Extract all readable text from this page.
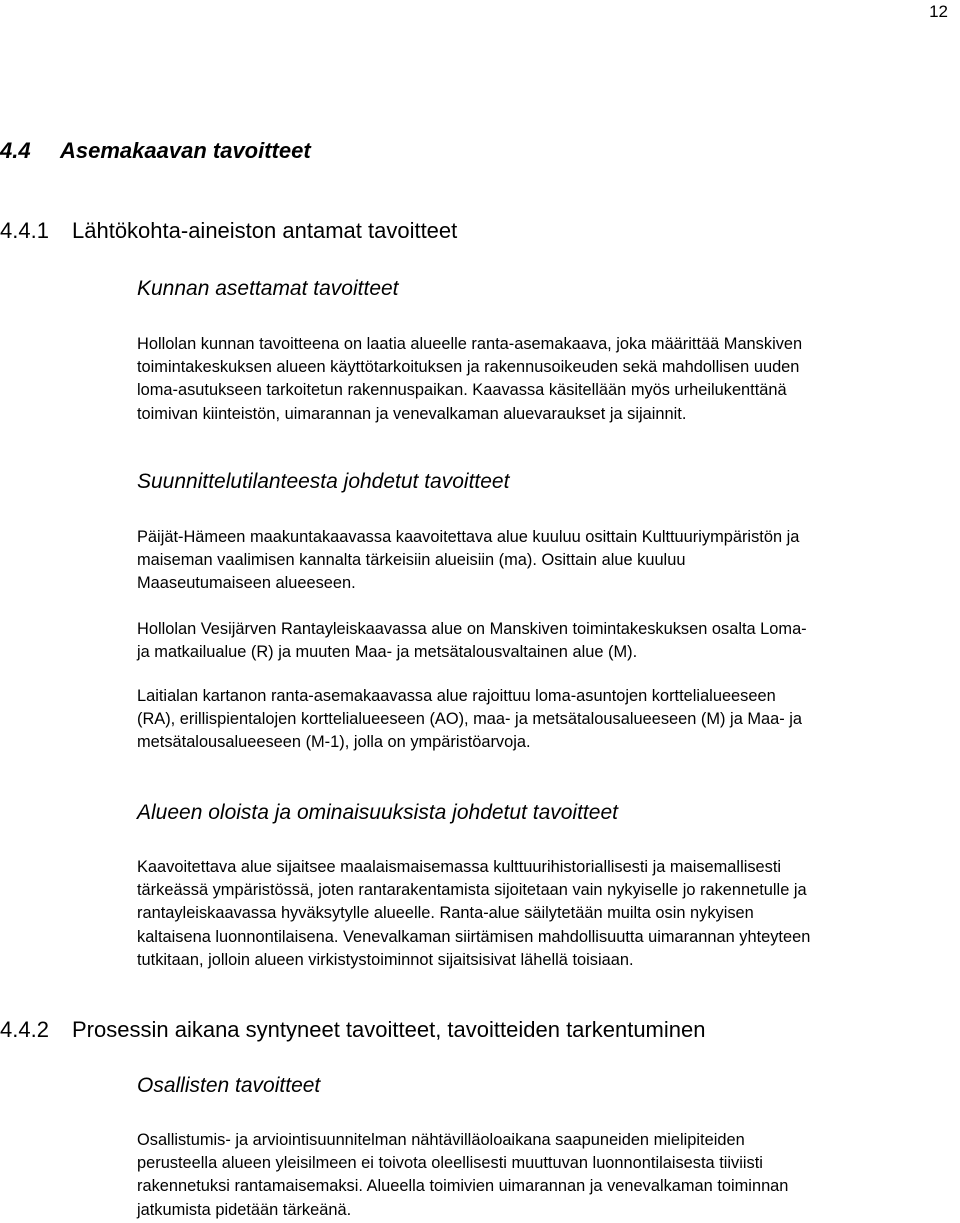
12
4.4 Asemakaavan tavoitteet
4.4.1 Lähtökohta-aineiston antamat tavoitteet
Kunnan asettamat tavoitteet

Hollolan kunnan tavoitteena on laatia alueelle ranta-asemakaava, joka määrittää Manskiven
toimintakeskuksen alueen käyttötarkoituksen ja rakennusoikeuden sekä mahdollisen uuden
loma-asutukseen tarkoitetun rakennuspaikan. Kaavassa käsitellään myös urheilukenttänä
toimivan kiinteistön, uimarannan ja venevalkaman aluevaraukset ja sijainnit.

Suunnittelutilanteesta johdetut tavoitteet

Päijät-Hämeen maakuntakaavassa kaavoitettava alue kuuluu osittain Kulttuuriympäristön ja
maiseman vaalimisen kannalta tärkeisiin alueisiin (ma). Osittain alue kuuluu
Maaseutumaiseen alueeseen.

Hollolan Vesijärven Rantayleiskaavassa alue on Manskiven toimintakeskuksen osalta Loma-
ja matkailualue (R) ja muuten Maa- ja metsätalousvaltainen alue (M).

Laitialan kartanon ranta-asemakaavassa alue rajoittuu loma-asuntojen korttelialueeseen
(RA), erillispientalojen korttelialueeseen (AO), maa- ja metsätalousalueeseen (M) ja Maa- ja
metsätalousalueeseen (M-1), jolla on ympäristöarvoja.

Alueen oloista ja ominaisuuksista johdetut tavoitteet

Kaavoitettava alue sijaitsee maalaismaisemassa kulttuurihistoriallisesti ja maisemallisesti
tärkeässä ympäristössä, joten rantarakentamista sijoitetaan vain nykyiselle jo rakennetulle ja
rantayleiskaavassa hyväksytylle alueelle. Ranta-alue säilytetään muilta osin nykyisen
kaltaisena luonnontilaisena. Venevalkaman siirtämisen mahdollisuutta uimarannan yhteyteen
tutkitaan, jolloin alueen virkistystoiminnot sijaitsisivat lähellä toisiaan.

4.4.2 Prosessin aikana syntyneet tavoitteet, tavoitteiden tarkentuminen
Osallisten tavoitteet

Osallistumis- ja arviointisuunnitelman nähtävilläoloaikana saapuneiden mielipiteiden
perusteella alueen yleisilmeen ei toivota oleellisesti muuttuvan luonnontilaisesta tiiviisti
rakennetuksi rantamaisemaksi. Alueella toimivien uimarannan ja venevalkaman toiminnan
jatkumista pidetään tärkeänä.
